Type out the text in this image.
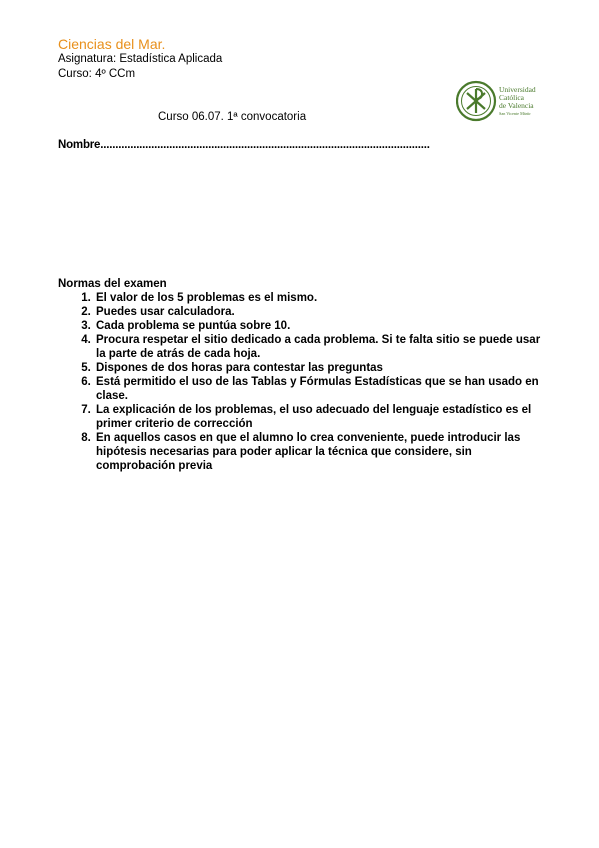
Ciencias del Mar.
Asignatura: Estadística Aplicada
Curso: 4º CCm
Universidad
Católica
de Valencia
San Vicente Mártir
Curso 06.07. 1ª convocatoria
Nombre..............................................................................................................
Normas del examen
1. El valor de los 5 problemas es el mismo.
2. Puedes usar calculadora.
3. Cada problema se puntúa sobre 10.
4. Procura respetar el sitio dedicado a cada problema. Si te falta sitio se puede usar la parte de atrás de cada hoja.
5. Dispones de dos horas para contestar las preguntas
6. Está permitido el uso de las Tablas y Fórmulas Estadísticas que se han usado en clase.
7. La explicación de los problemas, el uso adecuado del lenguaje estadístico es el primer criterio de corrección
8. En aquellos casos en que el alumno lo crea conveniente, puede introducir las hipótesis necesarias para poder aplicar la técnica que considere, sin comprobación previa
